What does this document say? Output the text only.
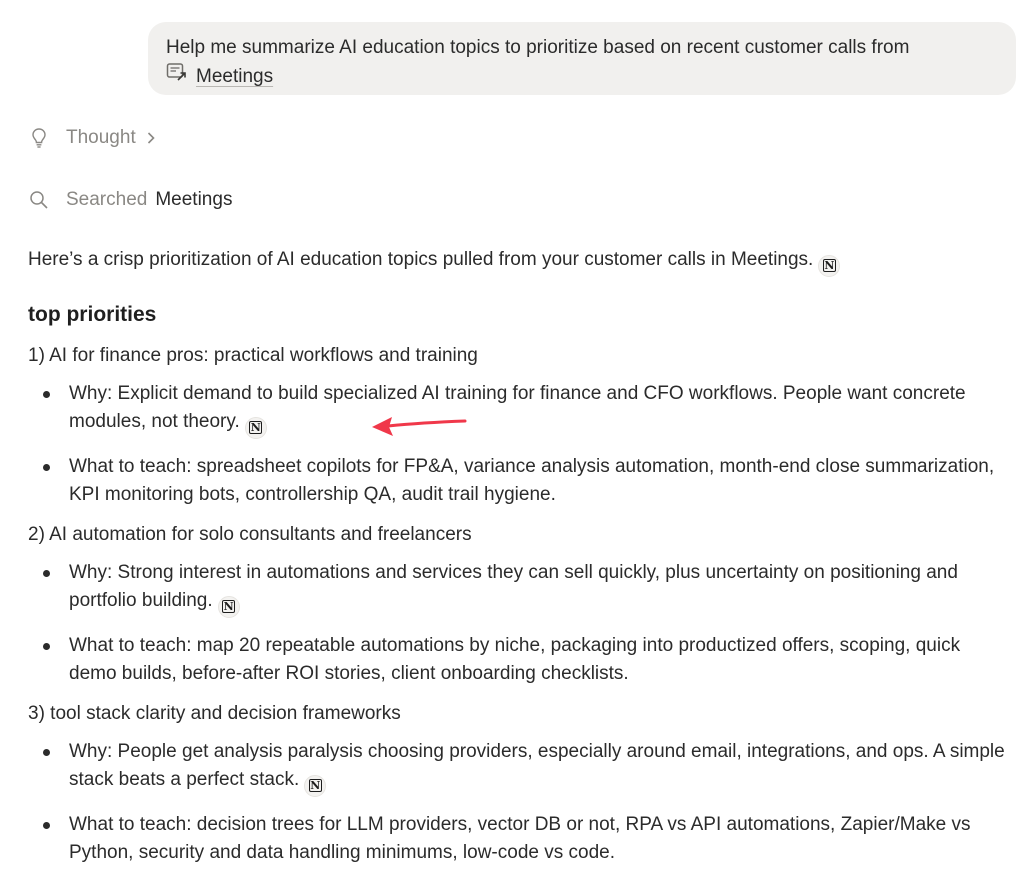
Help me summarize AI education topics to prioritize based on recent customer calls from
Meetings
Thought
Searched Meetings
Here’s a crisp prioritization of AI education topics pulled from your customer calls in Meetings. N
top priorities
1) AI for finance pros: practical workflows and training
Why: Explicit demand to build specialized AI training for finance and CFO workflows. People want concrete modules, not theory. N
What to teach: spreadsheet copilots for FP&A, variance analysis automation, month-end close summarization, KPI monitoring bots, controllership QA, audit trail hygiene.
2) AI automation for solo consultants and freelancers
Why: Strong interest in automations and services they can sell quickly, plus uncertainty on positioning and portfolio building. N
What to teach: map 20 repeatable automations by niche, packaging into productized offers, scoping, quick demo builds, before-after ROI stories, client onboarding checklists.
3) tool stack clarity and decision frameworks
Why: People get analysis paralysis choosing providers, especially around email, integrations, and ops. A simple stack beats a perfect stack. N
What to teach: decision trees for LLM providers, vector DB or not, RPA vs API automations, Zapier/Make vs Python, security and data handling minimums, low-code vs code.
